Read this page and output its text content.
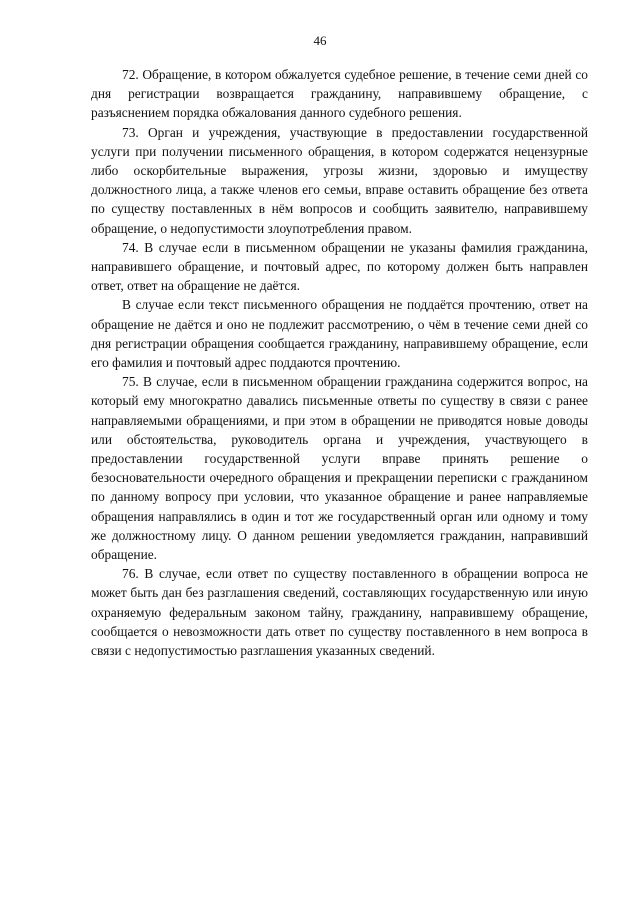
46

72. Обращение, в котором обжалуется судебное решение, в течение семи дней со дня регистрации возвращается гражданину, направившему обращение, с разъяснением порядка обжалования данного судебного решения.

73. Орган и учреждения, участвующие в предоставлении государственной услуги при получении письменного обращения, в котором содержатся нецензурные либо оскорбительные выражения, угрозы жизни, здоровью и имуществу должностного лица, а также членов его семьи, вправе оставить обращение без ответа по существу поставленных в нём вопросов и сообщить заявителю, направившему обращение, о недопустимости злоупотребления правом.

74. В случае если в письменном обращении не указаны фамилия гражданина, направившего обращение, и почтовый адрес, по которому должен быть направлен ответ, ответ на обращение не даётся.

В случае если текст письменного обращения не поддаётся прочтению, ответ на обращение не даётся и оно не подлежит рассмотрению, о чём в течение семи дней со дня регистрации обращения сообщается гражданину, направившему обращение, если его фамилия и почтовый адрес поддаются прочтению.

75. В случае, если в письменном обращении гражданина содержится вопрос, на который ему многократно давались письменные ответы по существу в связи с ранее направляемыми обращениями, и при этом в обращении не приводятся новые доводы или обстоятельства, руководитель органа и учреждения, участвующего в предоставлении государственной услуги вправе принять решение о безосновательности очередного обращения и прекращении переписки с гражданином по данному вопросу при условии, что указанное обращение и ранее направляемые обращения направлялись в один и тот же государственный орган или одному и тому же должностному лицу. О данном решении уведомляется гражданин, направивший обращение.

76. В случае, если ответ по существу поставленного в обращении вопроса не может быть дан без разглашения сведений, составляющих государственную или иную охраняемую федеральным законом тайну, гражданину, направившему обращение, сообщается о невозможности дать ответ по существу поставленного в нем вопроса в связи с недопустимостью разглашения указанных сведений.
